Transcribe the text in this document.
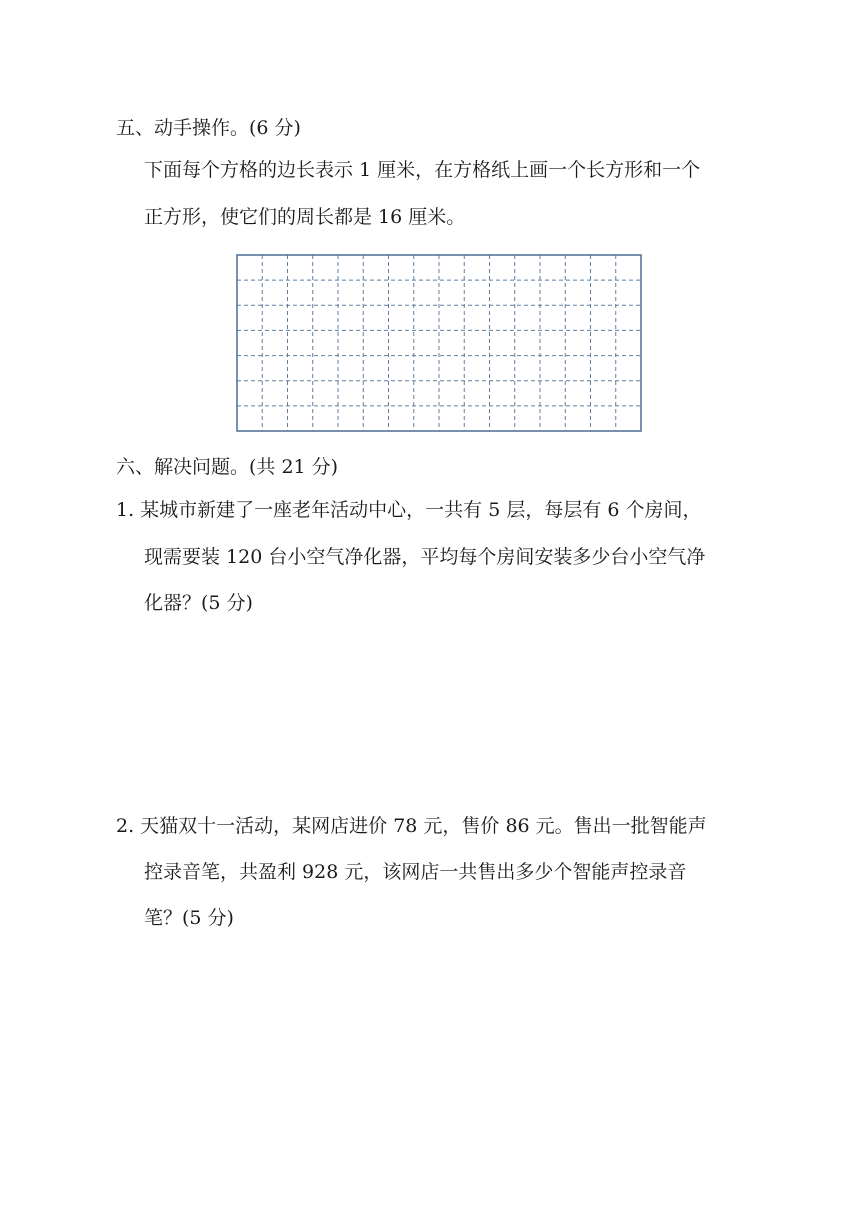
五、动手操作。(6 分)
下面每个方格的边长表示 1 厘米，在方格纸上画一个长方形和一个
正方形，使它们的周长都是 16 厘米。
六、解决问题。(共 21 分)
1. 某城市新建了一座老年活动中心，一共有 5 层，每层有 6 个房间，
现需要装 120 台小空气净化器，平均每个房间安装多少台小空气净
化器？(5 分)
2. 天猫双十一活动，某网店进价 78 元，售价 86 元。售出一批智能声
控录音笔，共盈利 928 元，该网店一共售出多少个智能声控录音
笔？(5 分)
